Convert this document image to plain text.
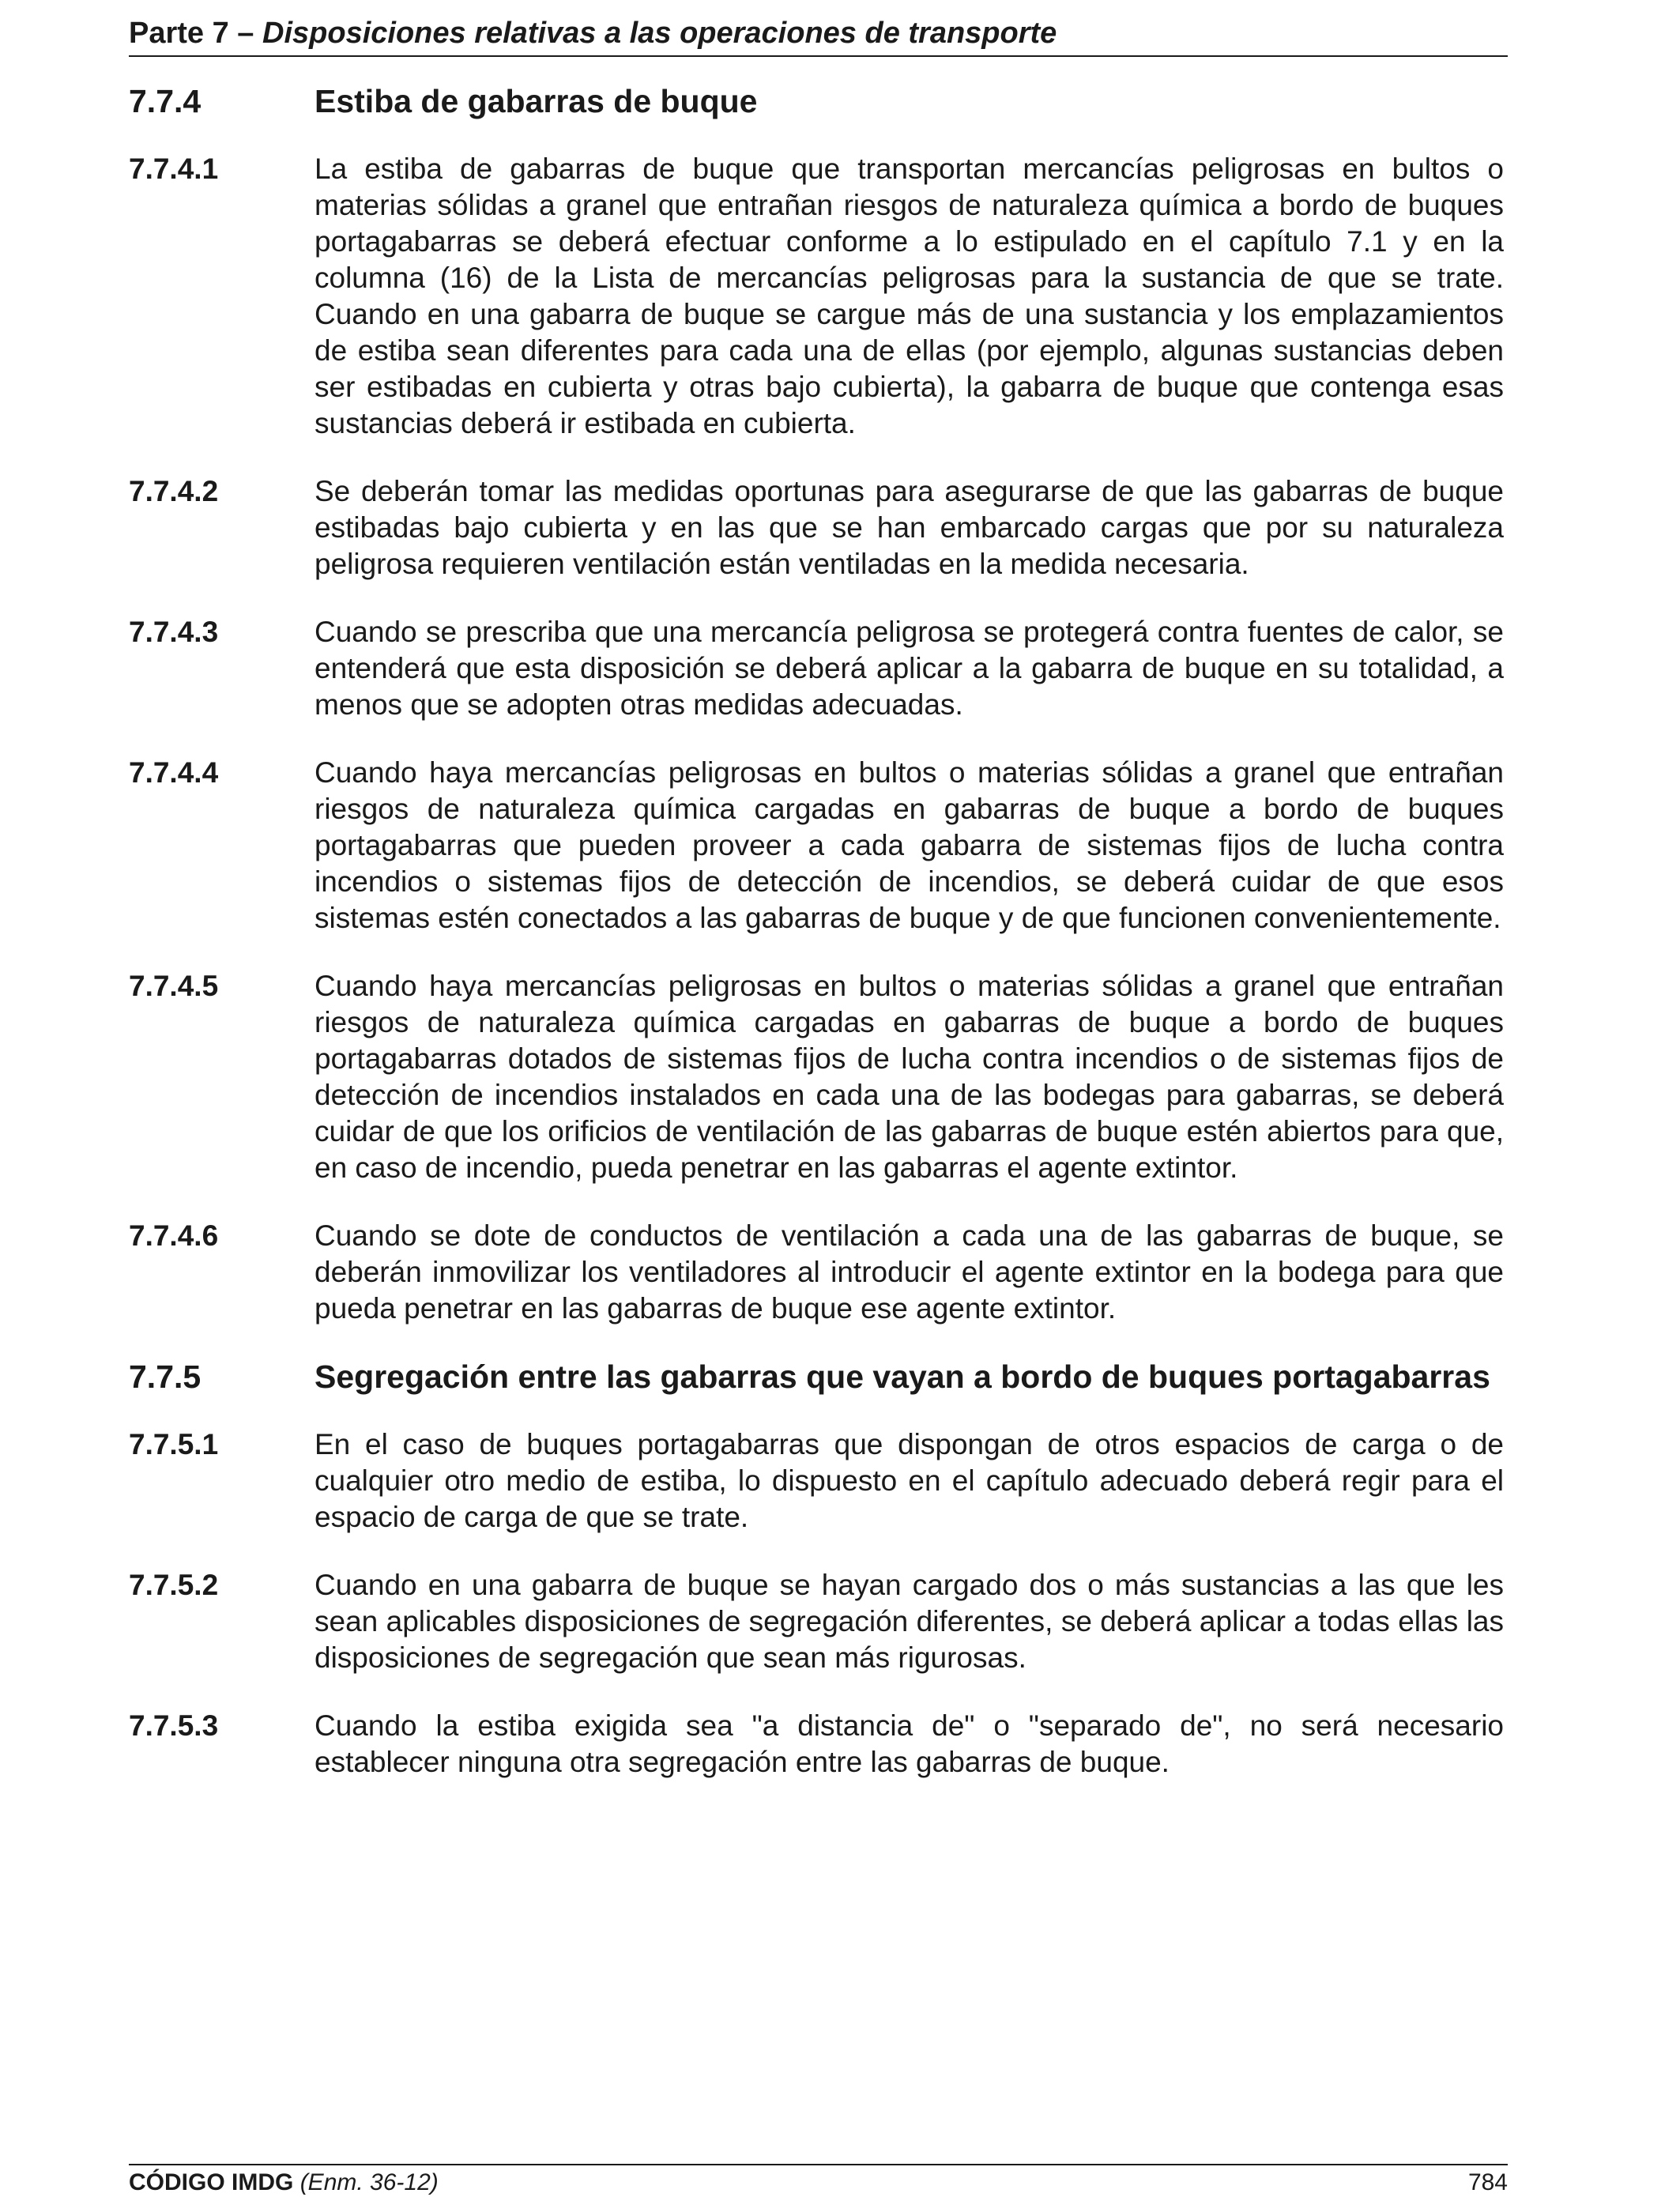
Parte 7 – Disposiciones relativas a las operaciones de transporte
7.7.4	Estiba de gabarras de buque
7.7.4.1	La estiba de gabarras de buque que transportan mercancías peligrosas en bultos o materias sólidas a granel que entrañan riesgos de naturaleza química a bordo de buques portagabarras se deberá efectuar conforme a lo estipulado en el capítulo 7.1 y en la columna (16) de la Lista de mercancías peligrosas para la sustancia de que se trate. Cuando en una gabarra de buque se cargue más de una sustancia y los emplazamientos de estiba sean diferentes para cada una de ellas (por ejemplo, algunas sustancias deben ser estibadas en cubierta y otras bajo cubierta), la gabarra de buque que contenga esas sustancias deberá ir estibada en cubierta.
7.7.4.2	Se deberán tomar las medidas oportunas para asegurarse de que las gabarras de buque estibadas bajo cubierta y en las que se han embarcado cargas que por su naturaleza peligrosa requieren ventilación están ventiladas en la medida necesaria.
7.7.4.3	Cuando se prescriba que una mercancía peligrosa se protegerá contra fuentes de calor, se entenderá que esta disposición se deberá aplicar a la gabarra de buque en su totalidad, a menos que se adopten otras medidas adecuadas.
7.7.4.4	Cuando haya mercancías peligrosas en bultos o materias sólidas a granel que entrañan riesgos de naturaleza química cargadas en gabarras de buque a bordo de buques portagabarras que pueden proveer a cada gabarra de sistemas fijos de lucha contra incendios o sistemas fijos de detección de incendios, se deberá cuidar de que esos sistemas estén conectados a las gabarras de buque y de que funcionen convenientemente.
7.7.4.5	Cuando haya mercancías peligrosas en bultos o materias sólidas a granel que entrañan riesgos de naturaleza química cargadas en gabarras de buque a bordo de buques portagabarras dotados de sistemas fijos de lucha contra incendios o de sistemas fijos de detección de incendios instalados en cada una de las bodegas para gabarras, se deberá cuidar de que los orificios de ventilación de las gabarras de buque estén abiertos para que, en caso de incendio, pueda penetrar en las gabarras el agente extintor.
7.7.4.6	Cuando se dote de conductos de ventilación a cada una de las gabarras de buque, se deberán inmovilizar los ventiladores al introducir el agente extintor en la bodega para que pueda penetrar en las gabarras de buque ese agente extintor.
7.7.5	Segregación entre las gabarras que vayan a bordo de buques portagabarras
7.7.5.1	En el caso de buques portagabarras que dispongan de otros espacios de carga o de cualquier otro medio de estiba, lo dispuesto en el capítulo adecuado deberá regir para el espacio de carga de que se trate.
7.7.5.2	Cuando en una gabarra de buque se hayan cargado dos o más sustancias a las que les sean aplicables disposiciones de segregación diferentes, se deberá aplicar a todas ellas las disposiciones de segregación que sean más rigurosas.
7.7.5.3	Cuando la estiba exigida sea "a distancia de" o "separado de", no será necesario establecer ninguna otra segregación entre las gabarras de buque.
CÓDIGO IMDG (Enm. 36-12)	784
